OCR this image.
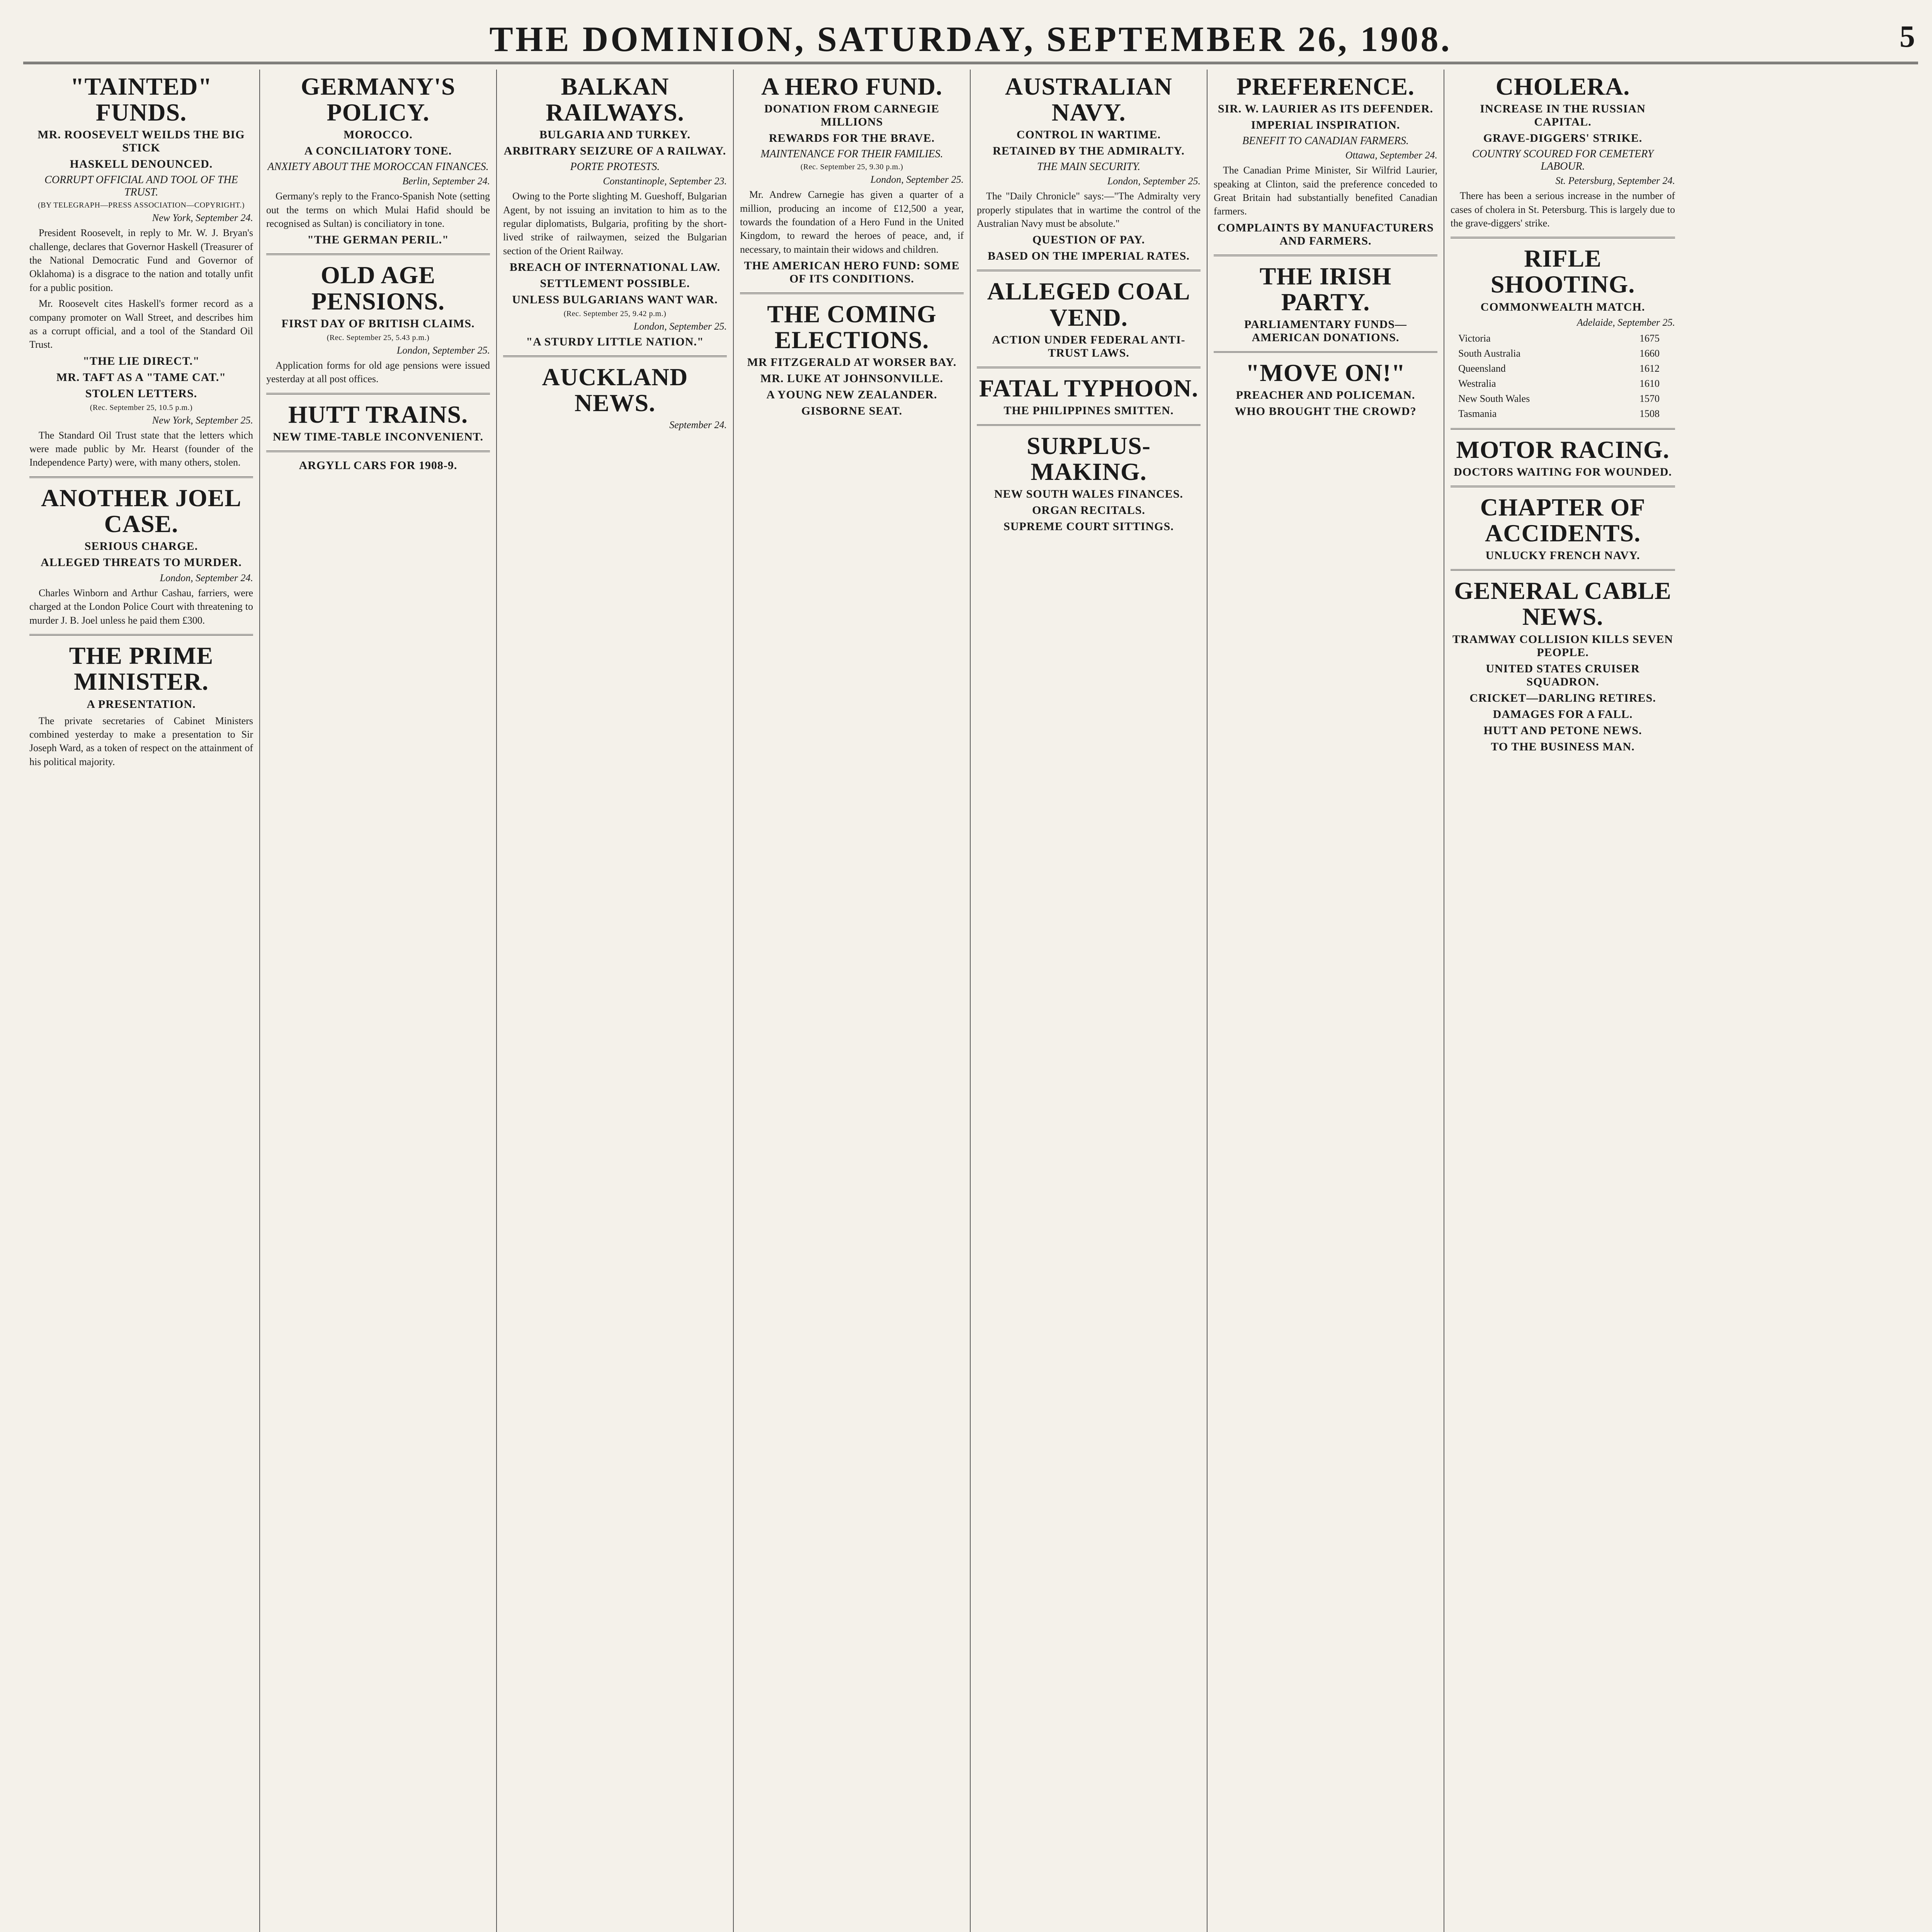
THE DOMINION, SATURDAY, SEPTEMBER 26, 1908.	5
"TAINTED" FUNDS.
MR. ROOSEVELT WEILDS THE BIG STICK
HASKELL DENOUNCED.
CORRUPT OFFICIAL AND TOOL OF THE TRUST.
(BY TELEGRAPH—PRESS ASSOCIATION—COPYRIGHT.)
New York, September 24.

President Roosevelt, in reply to Mr. W. J. Bryan's challenge, declares that Governor Haskell (Treasurer of the National Democratic Fund and Governor of Oklahoma) is a disgrace to the nation and totally unfit for a public position.

Mr. Roosevelt cites Haskell's former record as a company promoter on Wall Street, and describes him as a corrupt official, and a tool of the Standard Oil Trust.

"THE LIE DIRECT."
MR. TAFT AS A "TAME CAT."
STOLEN LETTERS.
(Rec. September 25, 10.5 p.m.)
New York, September 25.

The Standard Oil Trust state that the letters which were made public by Mr. Hearst (founder of the Independence Party) were, with many others, stolen.

ANOTHER JOEL CASE.
SERIOUS CHARGE.
ALLEGED THREATS TO MURDER.
London, September 24.

Charles Winborn and Arthur Cashau, farriers, were charged at the London Police Court with threatening to murder J. B. Joel unless he paid them £300.

THE PRIME MINISTER.
A PRESENTATION.

The private secretaries of Cabinet Ministers combined yesterday to make a presentation to Sir Joseph Ward, as a token of respect on the attainment of his political majority.

GERMANY'S POLICY.
MOROCCO.
A CONCILIATORY TONE.
ANXIETY ABOUT THE MOROCCAN FINANCES.
Berlin, September 24.

Germany's reply to the Franco-Spanish Note (setting out the terms on which Mulai Hafid should be recognised as Sultan) is conciliatory in tone.

"THE GERMAN PERIL."
OLD AGE PENSIONS.
FIRST DAY OF BRITISH CLAIMS.
(Rec. September 25, 5.43 p.m.)
London, September 25.

Application forms for old age pensions were issued yesterday at all post offices.

HUTT TRAINS.
NEW TIME-TABLE INCONVENIENT.
ARGYLL CARS FOR 1908-9.
BALKAN RAILWAYS.
BULGARIA AND TURKEY.
ARBITRARY SEIZURE OF A RAILWAY.
PORTE PROTESTS.
Constantinople, September 23.

Owing to the Porte slighting M. Gueshoff, Bulgarian Agent, by not issuing an invitation to him as to the regular diplomatists, Bulgaria, profiting by the short-lived strike of railwaymen, seized the Bulgarian section of the Orient Railway.

BREACH OF INTERNATIONAL LAW.
SETTLEMENT POSSIBLE.
UNLESS BULGARIANS WANT WAR.
(Rec. September 25, 9.42 p.m.)
London, September 25.
"A STURDY LITTLE NATION."
AUCKLAND NEWS.
September 24.
A HERO FUND.
DONATION FROM CARNEGIE MILLIONS
REWARDS FOR THE BRAVE.
MAINTENANCE FOR THEIR FAMILIES.
(Rec. September 25, 9.30 p.m.)
London, September 25.

Mr. Andrew Carnegie has given a quarter of a million, producing an income of £12,500 a year, towards the foundation of a Hero Fund in the United Kingdom, to reward the heroes of peace, and, if necessary, to maintain their widows and children.

THE AMERICAN HERO FUND: SOME OF ITS CONDITIONS.
THE COMING ELECTIONS.
MR FITZGERALD AT WORSER BAY.
MR. LUKE AT JOHNSONVILLE.
A YOUNG NEW ZEALANDER.
GISBORNE SEAT.
AUSTRALIAN NAVY.
CONTROL IN WARTIME.
RETAINED BY THE ADMIRALTY.
THE MAIN SECURITY.
London, September 25.

The "Daily Chronicle" says:—"The Admiralty very properly stipulates that in wartime the control of the Australian Navy must be absolute."

QUESTION OF PAY.
BASED ON THE IMPERIAL RATES.
ALLEGED COAL VEND.
ACTION UNDER FEDERAL ANTI-TRUST LAWS.
FATAL TYPHOON.
THE PHILIPPINES SMITTEN.
SURPLUS-MAKING.
NEW SOUTH WALES FINANCES.
ORGAN RECITALS.
SUPREME COURT SITTINGS.
PREFERENCE.
SIR. W. LAURIER AS ITS DEFENDER.
IMPERIAL INSPIRATION.
BENEFIT TO CANADIAN FARMERS.
Ottawa, September 24.

The Canadian Prime Minister, Sir Wilfrid Laurier, speaking at Clinton, said the preference conceded to Great Britain had substantially benefited Canadian farmers.

COMPLAINTS BY MANUFACTURERS AND FARMERS.
THE IRISH PARTY.
PARLIAMENTARY FUNDS—AMERICAN DONATIONS.
"MOVE ON!"
PREACHER AND POLICEMAN.
WHO BROUGHT THE CROWD?
CHOLERA.
INCREASE IN THE RUSSIAN CAPITAL.
GRAVE-DIGGERS' STRIKE.
COUNTRY SCOURED FOR CEMETERY LABOUR.
St. Petersburg, September 24.

There has been a serious increase in the number of cases of cholera in St. Petersburg. This is largely due to the grave-diggers' strike.

RIFLE SHOOTING.
COMMONWEALTH MATCH.
Adelaide, September 25.
Victoria	1675
South Australia	1660
Queensland	1612
Westralia	1610
New South Wales	1570
Tasmania	1508
MOTOR RACING.
DOCTORS WAITING FOR WOUNDED.
CHAPTER OF ACCIDENTS.
UNLUCKY FRENCH NAVY.
GENERAL CABLE NEWS.
TRAMWAY COLLISION KILLS SEVEN PEOPLE.
UNITED STATES CRUISER SQUADRON.
CRICKET—DARLING RETIRES.
DAMAGES FOR A FALL.
HUTT AND PETONE NEWS.
TO THE BUSINESS MAN.
